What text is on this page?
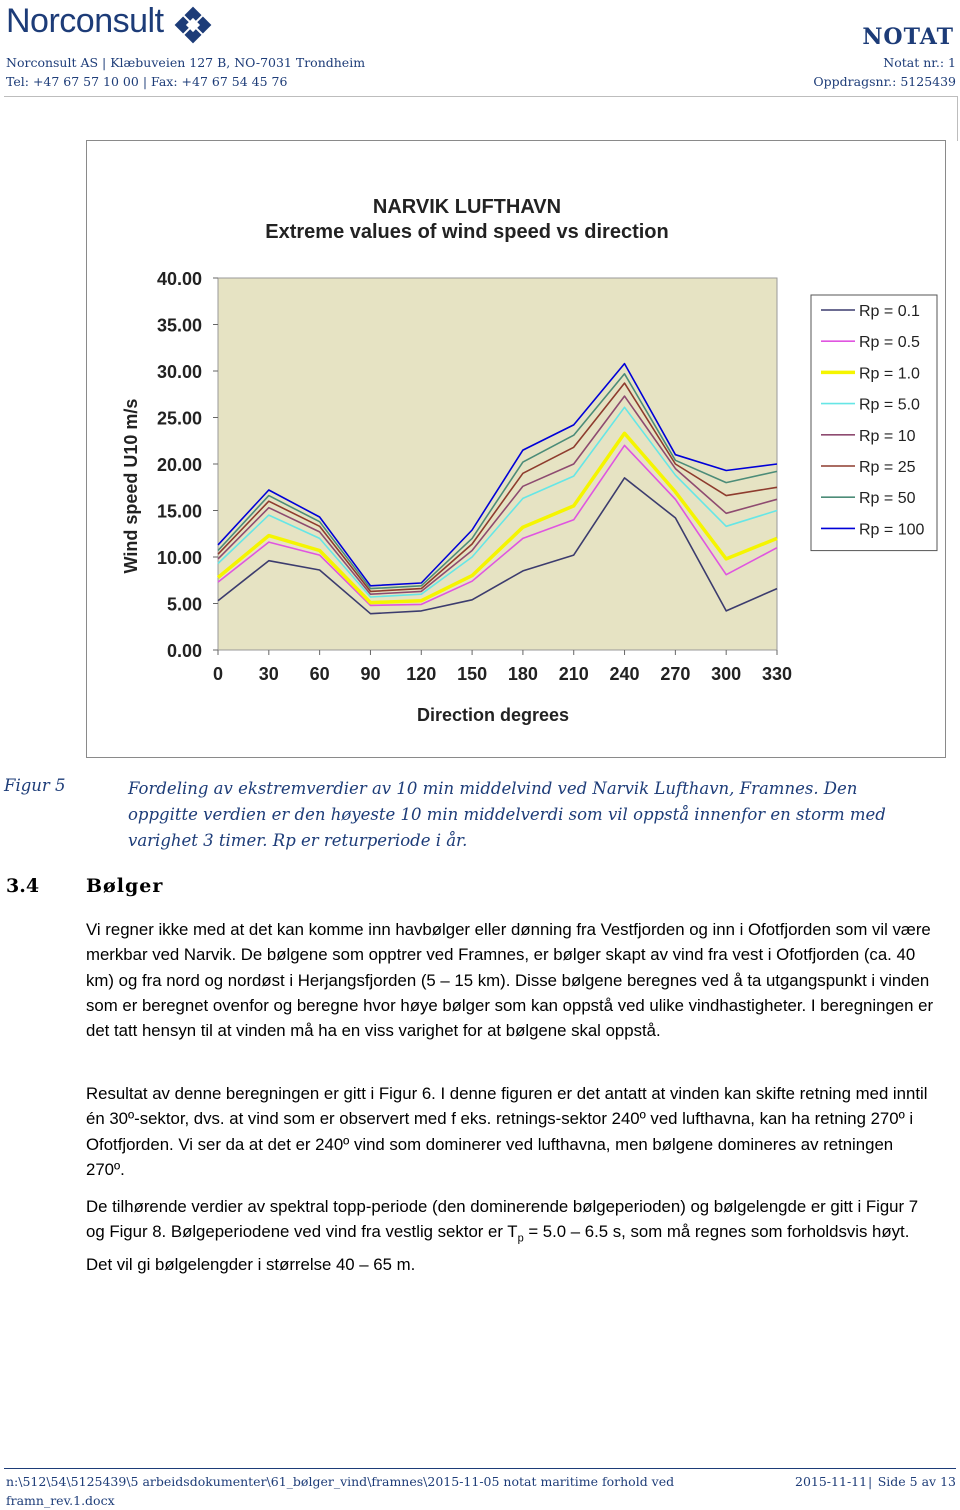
Norconsult	NOTAT
Norconsult AS | Klæbuveien 127 B, NO-7031 Trondheim
Tel: +47 67 57 10 00 | Fax: +47 67 54 45 76
Notat nr.: 1
Oppdragsnr.: 5125439
NARVIK LUFTHAVN
Extreme values of wind speed vs direction
0.00
5.00
10.00
15.00
20.00
25.00
30.00
35.00
40.00
0 30 60 90 120 150 180 210 240 270 300 330
Rp = 0.1
Rp = 0.5
Rp = 1.0
Rp = 5.0
Rp = 10
Rp = 25
Rp = 50
Rp = 100
Direction degrees
Wind speed U10 m/s
Figur 5	Fordeling av ekstremverdier av 10 min middelvind ved Narvik Lufthavn, Framnes. Den oppgitte verdien er den høyeste 10 min middelverdi som vil oppstå innenfor en storm med varighet 3 timer. Rp er returperiode i år.
3.4 Bølger

Vi regner ikke med at det kan komme inn havbølger eller dønning fra Vestfjorden og inn i Ofotfjorden som vil være merkbar ved Narvik. De bølgene som opptrer ved Framnes, er bølger skapt av vind fra vest i Ofotfjorden (ca. 40 km) og fra nord og nordøst i Herjangsfjorden (5 – 15 km). Disse bølgene beregnes ved å ta utgangspunkt i vinden som er beregnet ovenfor og beregne hvor høye bølger som kan oppstå ved ulike vindhastigheter. I beregningen er det tatt hensyn til at vinden må ha en viss varighet for at bølgene skal oppstå.

Resultat av denne beregningen er gitt i Figur 6. I denne figuren er det antatt at vinden kan skifte retning med inntil én 30º-sektor, dvs. at vind som er observert med f eks. retnings-sektor 240º ved lufthavna, kan ha retning 270º i Ofotfjorden. Vi ser da at det er 240º vind som dominerer ved lufthavna, men bølgene domineres av retningen 270º.

De tilhørende verdier av spektral topp-periode (den dominerende bølgeperioden) og bølgelengde er gitt i Figur 7 og Figur 8. Bølgeperiodene ved vind fra vestlig sektor er $T_p = 5.0 - 6.5$ s, som må regnes som forholdsvis høyt. Det vil gi bølgelengder i størrelse 40 – 65 m.

n:\512\54\5125439\5 arbeidsdokumenter\61_bølger_vind\framnes\2015-11-05 notat maritime forhold ved
framn_rev.1.docx
2015-11-11 | Side 5 av 13
